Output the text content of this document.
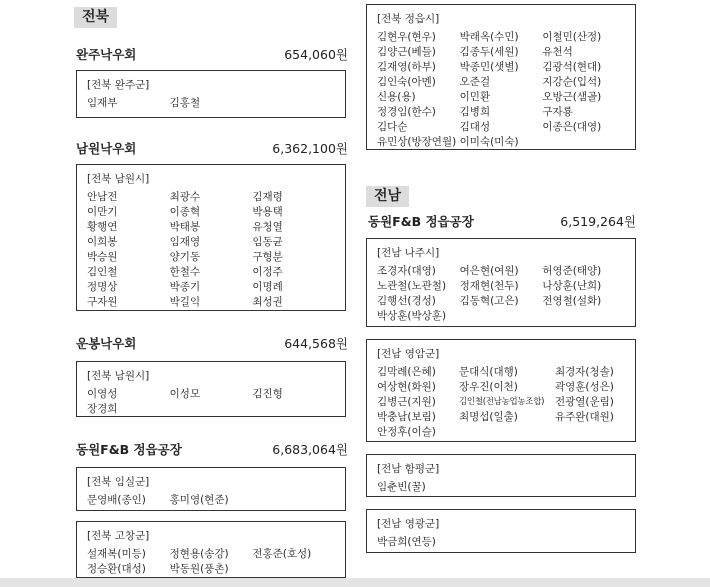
전북
완주낙우회	654,060원
[전북 완주군]
임재부	김홍철
남원낙우회	6,362,100원
[전북 남원시]
안남전	최광수	김재령
이만기	이종혁	박용택
황행연	박태봉	유청열
이희봉	임재영	임동균
박승원	양기동	구형분
김인철	한철수	이정주
정명상	박종기	이명례
구자원	박길익	최성권
운봉낙우회	644,568원
[전북 남원시]
이영성	이성모	김진형
장경희
동원F&B 정읍공장	6,683,064원
[전북 임실군]
문영배(종인)	홍미영(현준)
[전북 고창군]
설재복(미등)	정현용(송강)	전홍준(호성)
정승환(대성)	박동원(풍촌)
[전북 정읍시]
김현우(현우)	박래옥(수민)	이철민(산정)
김양근(베들)	김종두(세원)	유천석
김재영(하부)	박종민(샛별)	김광석(현대)
김인숙(아멘)	오준걸	지강순(입석)
신용(용)	이민환	오방근(샘골)
정경임(한수)	김병희	구자룡
김다순	김대성	이종은(대영)
유민상(방장연월) 이미숙(미숙)
전남
동원F&B 정읍공장	6,519,264원
[전남 나주시]
조경자(대영)	여은현(여원)	허영준(태양)
노관철(노관철)	정재현(천두)	나상훈(난희)
김행선(경성)	김동혁(고은)	전영철(설화)
박상훈(박상훈)
[전남 영암군]
김막례(은혜)	문대식(대행)	최경자(청솔)
여상현(화원)	장우진(이천)	곽영훈(성은)
김병근(지원)	김인철(전남농업농조합)	전광열(운림)
박충남(보림)	최명섭(일출)	유주완(대원)
안정후(이슬)
[전남 함평군]
임춘빈(꿀)
[전남 영광군]
박금희(연등)
